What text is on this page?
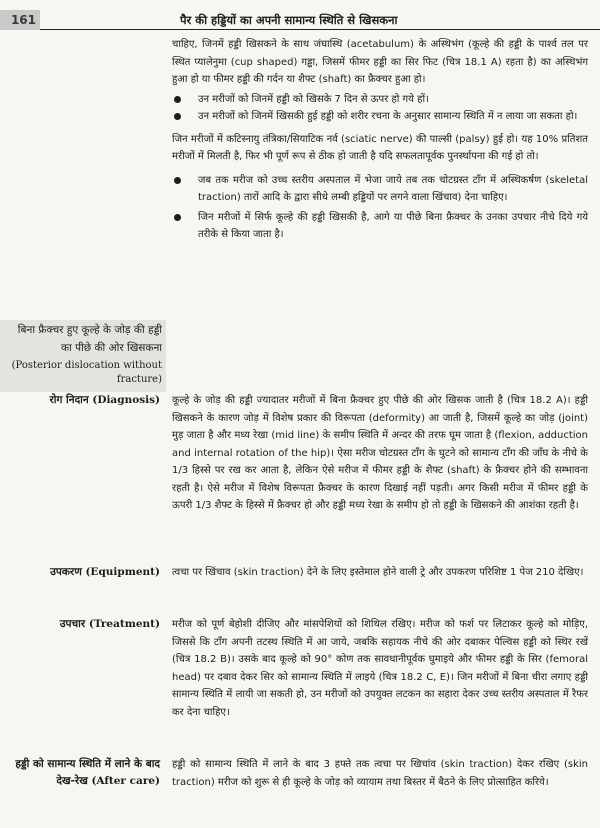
161	पैर की हड्डियों का अपनी सामान्य स्थिति से खिसकना

चाहिए, जिनमें हड्डी खिसकने के साथ जंघास्थि (acetabulum) के अस्थिभंग (कूल्हे की हड्डी के पार्श्व तल पर स्थित प्यालेनुमा (cup shaped) गड्ढा, जिसमें फीमर हड्डी का सिर फिट (चित्र 18.1 A) रहता है) का अस्थिभंग हुआ हो या फीमर हड्डी की गर्दन या शैफ्ट (shaft) का फ्रैक्चर हुआ हो।

उन मरीजों को जिनमें हड्डी को खिसके 7 दिन से ऊपर हो गये हों।

उन मरीजों को जिनमें खिसकी हुई हड्डी को शरीर रचना के अनुसार सामान्य स्थिति में न लाया जा सकता हो।

जिन मरीजों में कटिस्नायु तंत्रिका/सियाटिक नर्व (sciatic nerve) की पाल्सी (palsy) हुई हो। यह 10% प्रतिशत मरीजों में मिलती है, फिर भी पूर्ण रूप से ठीक हो जाती है यदि सफलतापूर्वक पुनर्स्थापना की गई हो तो।

जब तक मरीज को उच्च स्तरीय अस्पताल में भेजा जाये तब तक चोटग्रस्त टाँग में अस्थिकर्षण (skeletal traction) तारों आदि के द्वारा सीधे लम्बी हड्डियों पर लगने वाला खिंचाव) देना चाहिए।

जिन मरीजों में सिर्फ कूल्हे की हड्डी खिसकी है, आगे या पीछे बिना फ्रैक्चर के उनका उपचार नीचे दिये गये तरीके से किया जाता है।

बिना फ्रैक्चर हुए कूल्हे के जोड़ की हड्डी का पीछे की ओर खिसकना

(Posterior dislocation without fracture)

रोग निदान (Diagnosis) कूल्हे के जोड़ की हड्डी ज्यादातर मरीजों में बिना फ्रैक्चर हुए पीछे की ओर खिसक जाती है (चित्र 18.2 A)। हड्डी खिसकने के कारण जोड़ में विशेष प्रकार की विरूपता (deformity) आ जाती है, जिसमें कूल्हे का जोड़ (joint) मुड़ जाता है और मध्य रेखा (mid line) के समीप स्थिति में अन्दर की तरफ घूम जाता है (flexion, adduction and internal rotation of the hip)। ऐसा मरीज चोटग्रस्त टाँग के घुटने को सामान्य टाँग की जाँघ के नीचे के 1/3 हिस्से पर रख कर आता है, लेकिन ऐसे मरीज में फीमर हड्डी के शैफ्ट (shaft) के फ्रैक्चर होने की सम्भावना रहती है। ऐसे मरीज में विशेष विरूपता फ्रैक्चर के कारण दिखाई नहीं पड़ती। अगर किसी मरीज में फीमर हड्डी के ऊपरी 1/3 शैफ्ट के हिस्से में फ्रैक्चर हो और हड्डी मध्य रेखा के समीप हो तो हड्डी के खिसकने की आशंका रहती है।

उपकरण (Equipment) त्वचा पर खिंचाव (skin traction) देने के लिए इस्तेमाल होने वाली ट्रे और उपकरण परिशिष्ट 1 पेज 210 देखिए।

उपचार (Treatment) मरीज को पूर्ण बेहोशी दीजिए और मांसपेशियों को शिथिल रखिए। मरीज को फर्श पर लिटाकर कूल्हे को मोड़िए, जिससे कि टाँग अपनी तटस्थ स्थिति में आ जाये, जबकि सहायक नीचे की ओर दबाकर पेल्विस हड्डी को स्थिर रखें (चित्र 18.2 B)। उसके बाद कूल्हे को 90° कोण तक सावधानीपूर्वक घुमाइये और फीमर हड्डी के सिर (femoral head) पर दबाव देकर सिर को सामान्य स्थिति में लाइये (चित्र 18.2 C, E)। जिन मरीजों में बिना चीरा लगाए हड्डी सामान्य स्थिति में लायी जा सकती हो, उन मरीजों को उपयुक्त लटकन का सहारा देकर उच्च स्तरीय अस्पताल में रैफर कर देना चाहिए।

हड्डी को सामान्य स्थिति में लाने के बाद देख-रेख (After care)

हड्डी को सामान्य स्थिति में लाने के बाद 3 हफ्ते तक त्वचा पर खिचांव (skin traction) देकर रखिए (skin traction) मरीज को शुरू से ही कूल्हे के जोड़ को व्यायाम तथा बिस्तर में बैठने के लिए प्रोत्साहित करिये।
